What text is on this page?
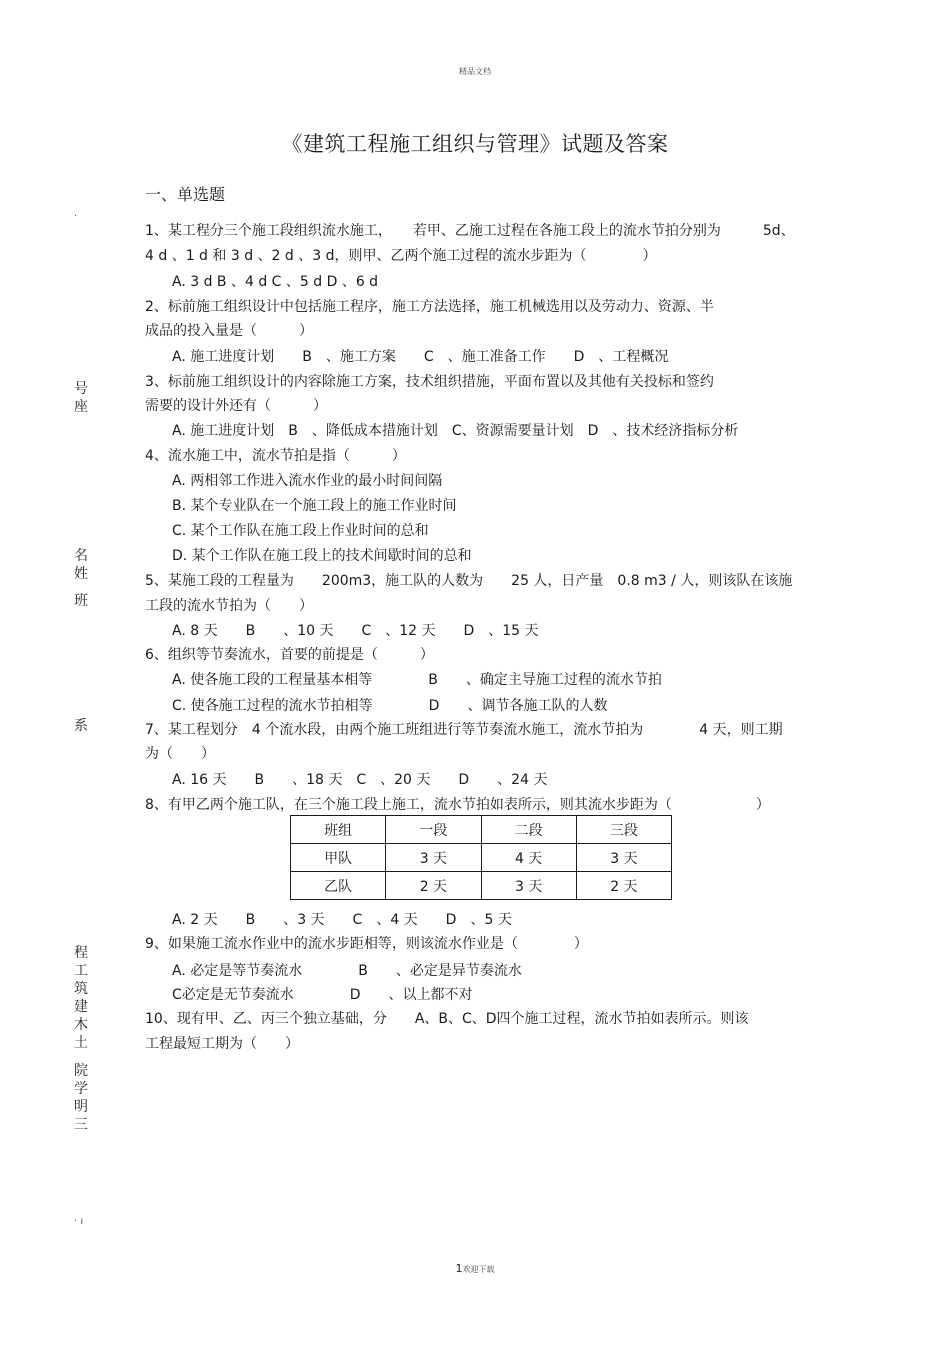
精品文档
《建筑工程施工组织与管理》试题及答案
一、单选题
.
号座
名姓
班
系
程工筑建木土
院学明三
· ı
1、某工程分三个施工段组织流水施工，　　若甲、乙施工过程在各施工段上的流水节拍分别为　　　5d、
4 d 、1 d 和 3 d 、2 d 、3 d，则甲、乙两个施工过程的流水步距为（　　　　）
A. 3 d B 、4 d C 、5 d D 、6 d
2、标前施工组织设计中包括施工程序，施工方法选择，施工机械选用以及劳动力、资源、半
成品的投入量是（　　　）
A. 施工进度计划　　B　、施工方案　　C　、施工准备工作　　D　、工程概况
3、标前施工组织设计的内容除施工方案，技术组织措施，平面布置以及其他有关投标和签约
需要的设计外还有（　　　）
A. 施工进度计划　B　、降低成本措施计划　C、资源需要量计划　D　、技术经济指标分析
4、流水施工中，流水节拍是指（　　　）
A. 两相邻工作进入流水作业的最小时间间隔
B. 某个专业队在一个施工段上的施工作业时间
C. 某个工作队在施工段上作业时间的总和
D. 某个工作队在施工段上的技术间歇时间的总和
5、某施工段的工程量为　　200m3，施工队的人数为　　25 人，日产量　0.8 m3 / 人，则该队在该施
工段的流水节拍为（　　）
A. 8 天　　B　　、10 天　　C　、12 天　　D　、15 天
6、组织等节奏流水，首要的前提是（　　　）
A. 使各施工段的工程量基本相等　　　　B　　、确定主导施工过程的流水节拍
C. 使各施工过程的流水节拍相等　　　　D　　、调节各施工队的人数
7、某工程划分　4 个流水段，由两个施工班组进行等节奏流水施工，流水节拍为　　　　4 天，则工期
为（　　）
A. 16 天　　B　　、18 天　C　、20 天　　D　　、24 天
8、有甲乙两个施工队，在三个施工段上施工，流水节拍如表所示，则其流水步距为（　　　　　　）
班组	一段	二段	三段
甲队	3 天	4 天	3 天
乙队	2 天	3 天	2 天
A. 2 天　　B　　、3 天　　C　、4 天　　D　、5 天
9、如果施工流水作业中的流水步距相等，则该流水作业是（　　　　）
A. 必定是等节奏流水　　　　B　　、必定是异节奏流水
C必定是无节奏流水　　　　D　　、以上都不对
10、现有甲、乙、丙三个独立基础，分　　A、B、C、D四个施工过程，流水节拍如表所示。则该
工程最短工期为（　　）
1欢迎下载
